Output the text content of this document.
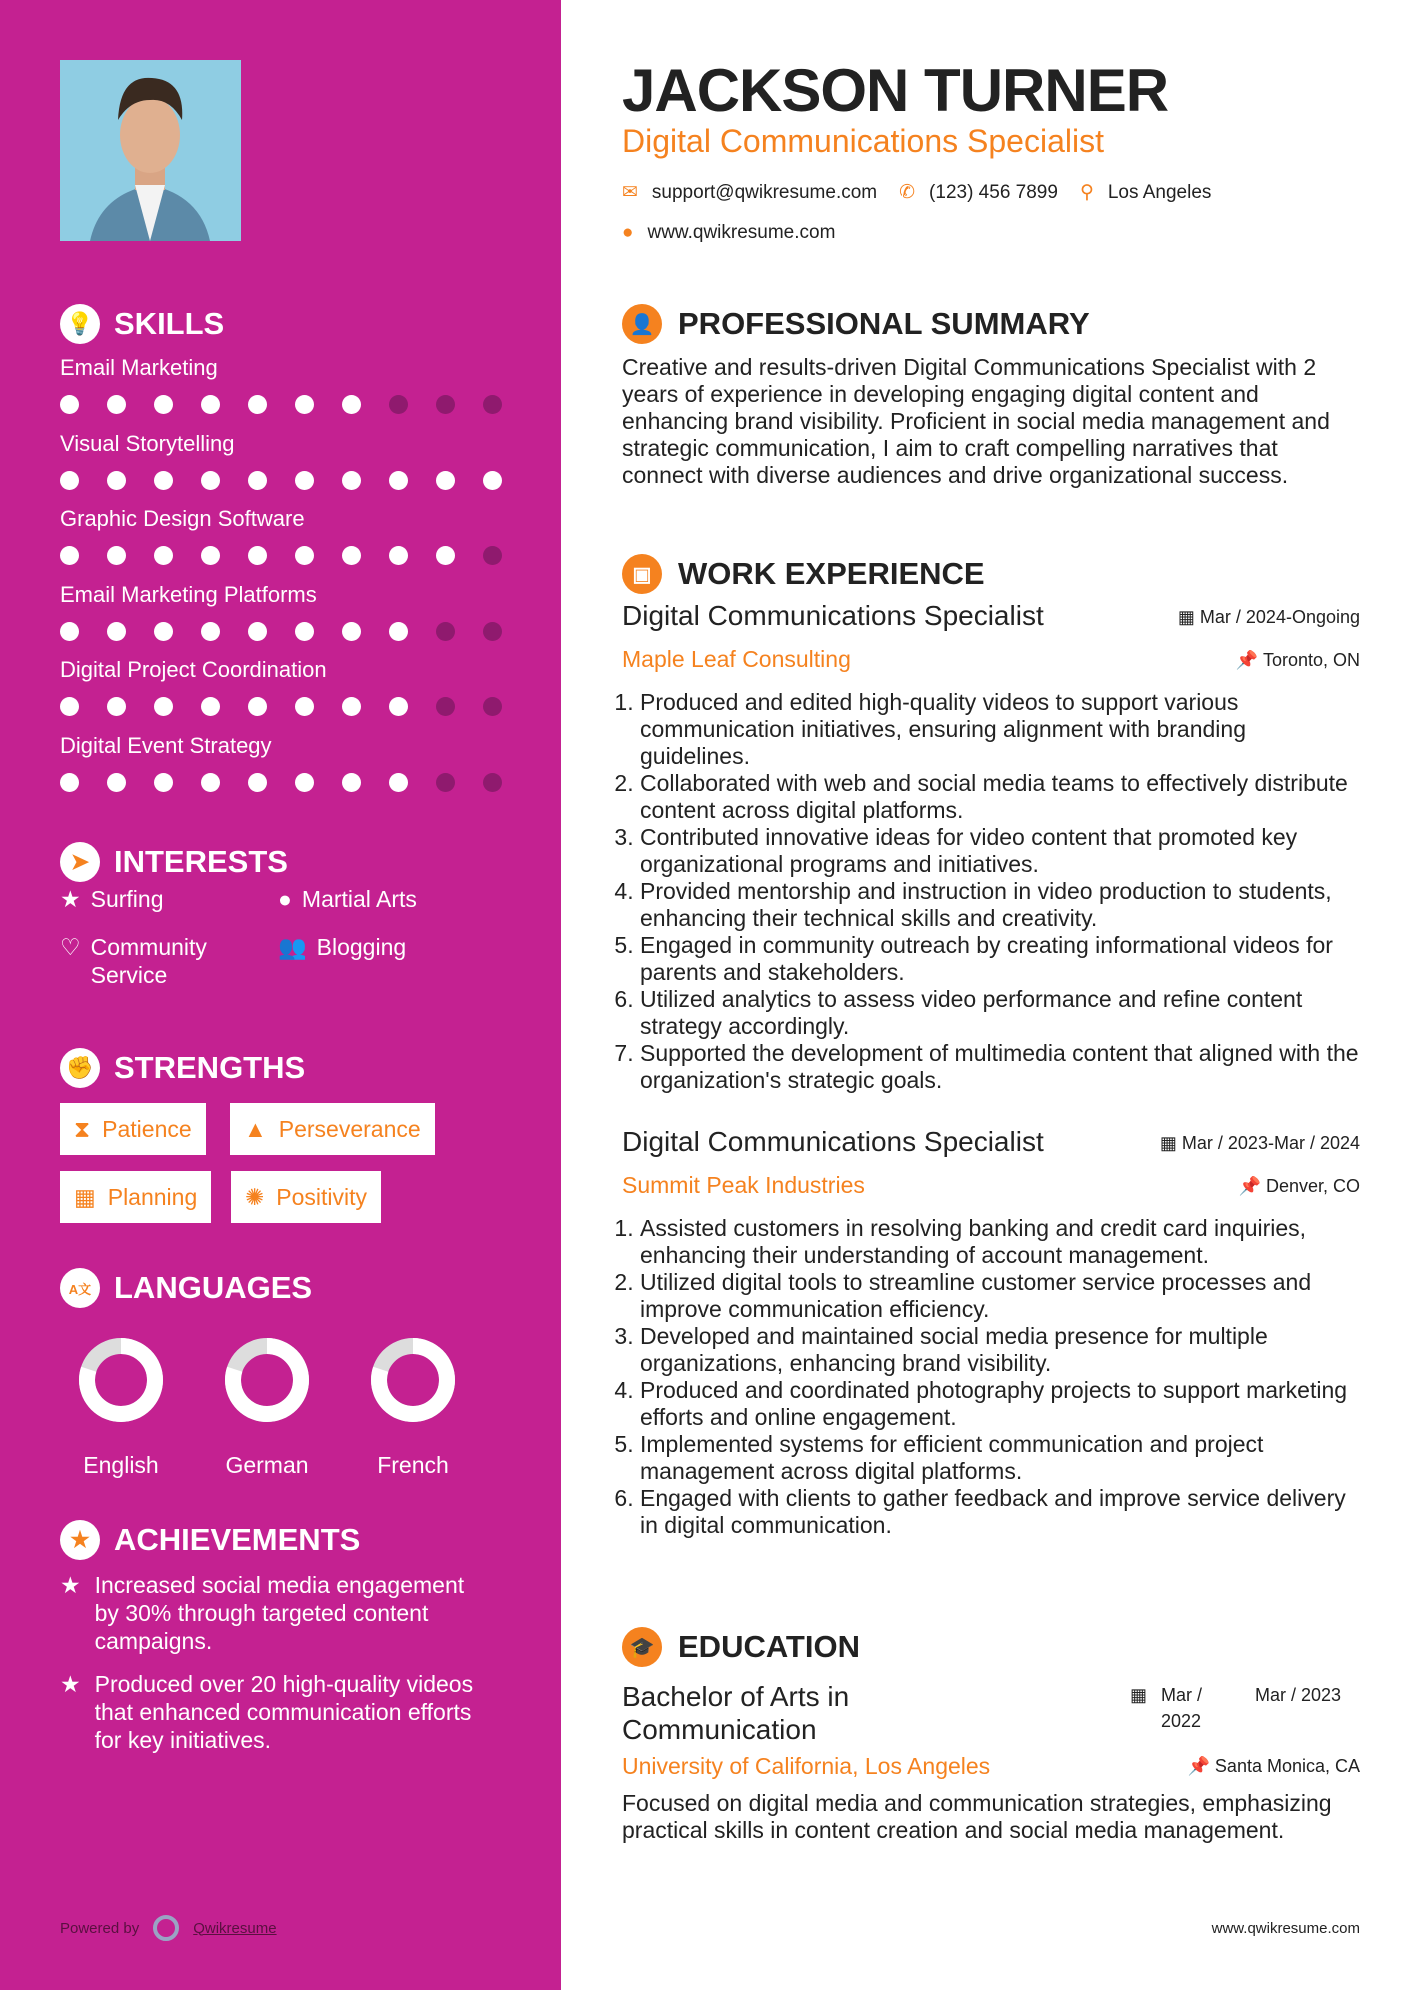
💡 SKILLS
Email Marketing
Visual Storytelling
Graphic Design Software
Email Marketing Platforms
Digital Project Coordination
Digital Event Strategy
➤ INTERESTS
★ Surfing	● Martial Arts
♡ Community Service
👥 Blogging
✊ STRENGTHS
⧗ Patience ▲ Perseverance
▦ Planning ✺ Positivity
A文 LANGUAGES
English	German	French
★ ACHIEVEMENTS
★ Increased social media engagement by 30% through targeted content campaigns.
★ Produced over 20 high-quality videos that enhanced communication efforts for key initiatives.
Powered by	Qwikresume
JACKSON TURNER
Digital Communications Specialist
✉ support@qwikresume.com ✆ (123) 456 7899 ⚲ Los Angeles
● www.qwikresume.com
👤 PROFESSIONAL SUMMARY
Creative and results-driven Digital Communications Specialist with 2 years of experience in developing engaging digital content and enhancing brand visibility. Proficient in social media management and strategic communication, I aim to craft compelling narratives that connect with diverse audiences and drive organizational success.
▣ WORK EXPERIENCE
Digital Communications Specialist	▦ Mar / 2024-Ongoing
Maple Leaf Consulting	📌 Toronto, ON
1. Produced and edited high-quality videos to support various communication initiatives, ensuring alignment with branding guidelines.
2. Collaborated with web and social media teams to effectively distribute content across digital platforms.
3. Contributed innovative ideas for video content that promoted key organizational programs and initiatives.
4. Provided mentorship and instruction in video production to students, enhancing their technical skills and creativity.
5. Engaged in community outreach by creating informational videos for parents and stakeholders.
6. Utilized analytics to assess video performance and refine content strategy accordingly.
7. Supported the development of multimedia content that aligned with the organization's strategic goals.
Digital Communications Specialist	▦ Mar / 2023-Mar / 2024
Summit Peak Industries	📌 Denver, CO
1. Assisted customers in resolving banking and credit card inquiries, enhancing their understanding of account management.
2. Utilized digital tools to streamline customer service processes and improve communication efficiency.
3. Developed and maintained social media presence for multiple organizations, enhancing brand visibility.
4. Produced and coordinated photography projects to support marketing efforts and online engagement.
5. Implemented systems for efficient communication and project management across digital platforms.
6. Engaged with clients to gather feedback and improve service delivery in digital communication.
🎓 EDUCATION
Bachelor of Arts in Communication
▦ Mar / 2022
Mar / 2023
University of California, Los Angeles	📌 Santa Monica, CA
Focused on digital media and communication strategies, emphasizing practical skills in content creation and social media management.
www.qwikresume.com
